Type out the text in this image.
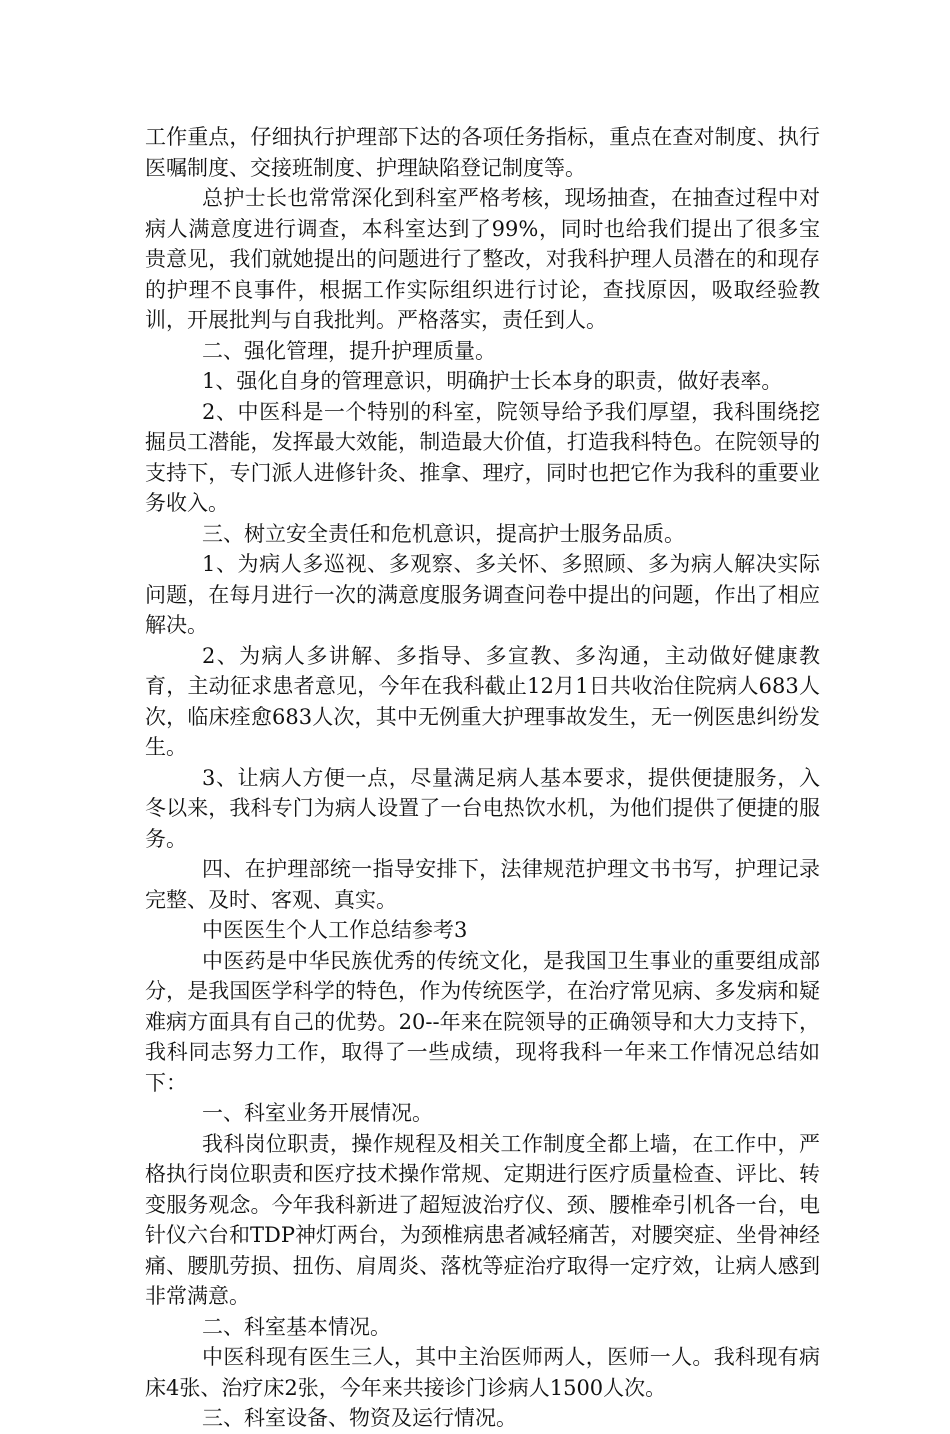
工作重点，仔细执行护理部下达的各项任务指标，重点在查对制度、执行医嘱制度、交接班制度、护理缺陷登记制度等。

总护士长也常常深化到科室严格考核，现场抽查，在抽查过程中对病人满意度进行调查，本科室达到了99%，同时也给我们提出了很多宝贵意见，我们就她提出的问题进行了整改，对我科护理人员潜在的和现存的护理不良事件，根据工作实际组织进行讨论，查找原因，吸取经验教训，开展批判与自我批判。严格落实，责任到人。

二、强化管理，提升护理质量。

1、强化自身的管理意识，明确护士长本身的职责，做好表率。

2、中医科是一个特别的科室，院领导给予我们厚望，我科围绕挖掘员工潜能，发挥最大效能，制造最大价值，打造我科特色。在院领导的支持下，专门派人进修针灸、推拿、理疗，同时也把它作为我科的重要业务收入。

三、树立安全责任和危机意识，提高护士服务品质。

1、为病人多巡视、多观察、多关怀、多照顾、多为病人解决实际问题，在每月进行一次的满意度服务调查问卷中提出的问题，作出了相应解决。

2、为病人多讲解、多指导、多宣教、多沟通，主动做好健康教育，主动征求患者意见，今年在我科截止12月1日共收治住院病人683人次，临床痊愈683人次，其中无例重大护理事故发生，无一例医患纠纷发生。

3、让病人方便一点，尽量满足病人基本要求，提供便捷服务，入冬以来，我科专门为病人设置了一台电热饮水机，为他们提供了便捷的服务。

四、在护理部统一指导安排下，法律规范护理文书书写，护理记录完整、及时、客观、真实。

中医医生个人工作总结参考3

中医药是中华民族优秀的传统文化，是我国卫生事业的重要组成部分，是我国医学科学的特色，作为传统医学，在治疗常见病、多发病和疑难病方面具有自己的优势。20--年来在院领导的正确领导和大力支持下，我科同志努力工作，取得了一些成绩，现将我科一年来工作情况总结如下：

一、科室业务开展情况。

我科岗位职责，操作规程及相关工作制度全都上墙，在工作中，严格执行岗位职责和医疗技术操作常规、定期进行医疗质量检查、评比、转变服务观念。今年我科新进了超短波治疗仪、颈、腰椎牵引机各一台，电针仪六台和TDP神灯两台，为颈椎病患者减轻痛苦，对腰突症、坐骨神经痛、腰肌劳损、扭伤、肩周炎、落枕等症治疗取得一定疗效，让病人感到非常满意。

二、科室基本情况。

中医科现有医生三人，其中主治医师两人，医师一人。我科现有病床4张、治疗床2张，今年来共接诊门诊病人1500人次。

三、科室设备、物资及运行情况。
